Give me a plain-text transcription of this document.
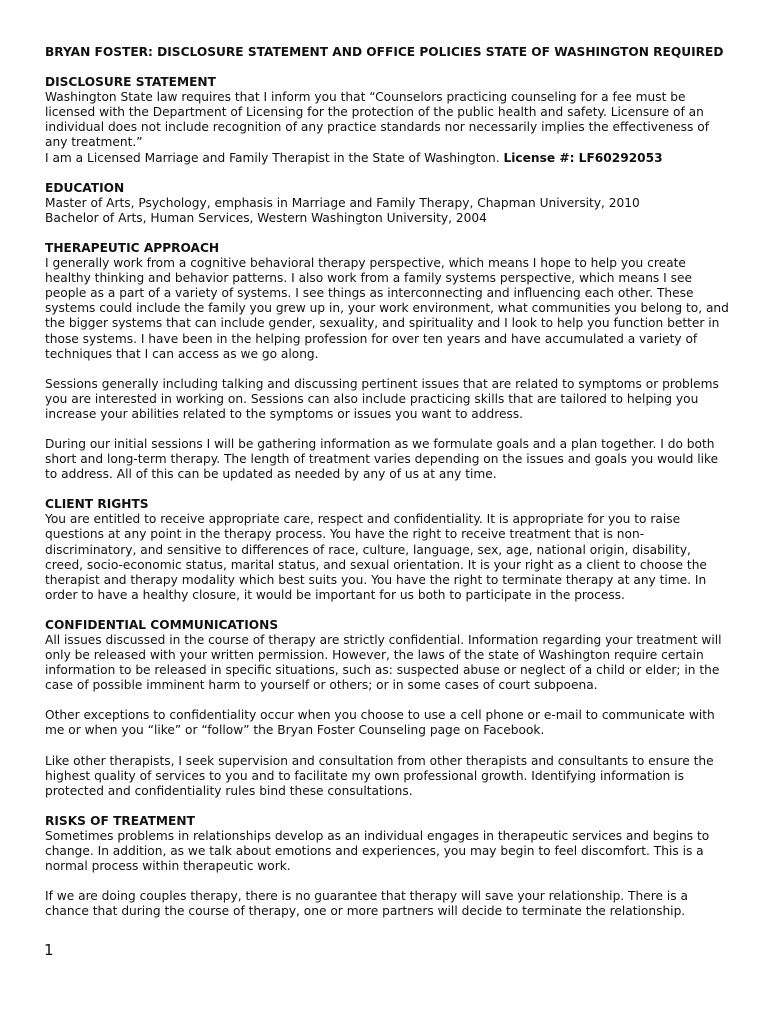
BRYAN FOSTER: DISCLOSURE STATEMENT AND OFFICE POLICIES STATE OF WASHINGTON REQUIRED

DISCLOSURE STATEMENT

Washington State law requires that I inform you that “Counselors practicing counseling for a fee must be licensed with the Department of Licensing for the protection of the public health and safety. Licensure of an individual does not include recognition of any practice standards nor necessarily implies the effectiveness of any treatment.”

I am a Licensed Marriage and Family Therapist in the State of Washington. License #: LF60292053

EDUCATION

Master of Arts, Psychology, emphasis in Marriage and Family Therapy, Chapman University, 2010

Bachelor of Arts, Human Services, Western Washington University, 2004

THERAPEUTIC APPROACH

I generally work from a cognitive behavioral therapy perspective, which means I hope to help you create healthy thinking and behavior patterns. I also work from a family systems perspective, which means I see people as a part of a variety of systems. I see things as interconnecting and influencing each other. These systems could include the family you grew up in, your work environment, what communities you belong to, and the bigger systems that can include gender, sexuality, and spirituality and I look to help you function better in those systems. I have been in the helping profession for over ten years and have accumulated a variety of techniques that I can access as we go along.

Sessions generally including talking and discussing pertinent issues that are related to symptoms or problems you are interested in working on. Sessions can also include practicing skills that are tailored to helping you increase your abilities related to the symptoms or issues you want to address.

During our initial sessions I will be gathering information as we formulate goals and a plan together. I do both short and long-term therapy. The length of treatment varies depending on the issues and goals you would like to address. All of this can be updated as needed by any of us at any time.

CLIENT RIGHTS

You are entitled to receive appropriate care, respect and confidentiality. It is appropriate for you to raise questions at any point in the therapy process. You have the right to receive treatment that is non-discriminatory, and sensitive to differences of race, culture, language, sex, age, national origin, disability, creed, socio-economic status, marital status, and sexual orientation. It is your right as a client to choose the therapist and therapy modality which best suits you. You have the right to terminate therapy at any time. In order to have a healthy closure, it would be important for us both to participate in the process.

CONFIDENTIAL COMMUNICATIONS

All issues discussed in the course of therapy are strictly confidential. Information regarding your treatment will only be released with your written permission. However, the laws of the state of Washington require certain information to be released in specific situations, such as: suspected abuse or neglect of a child or elder; in the case of possible imminent harm to yourself or others; or in some cases of court subpoena.

Other exceptions to confidentiality occur when you choose to use a cell phone or e-mail to communicate with me or when you “like” or “follow” the Bryan Foster Counseling page on Facebook.

Like other therapists, I seek supervision and consultation from other therapists and consultants to ensure the highest quality of services to you and to facilitate my own professional growth. Identifying information is protected and confidentiality rules bind these consultations.

RISKS OF TREATMENT

Sometimes problems in relationships develop as an individual engages in therapeutic services and begins to change. In addition, as we talk about emotions and experiences, you may begin to feel discomfort. This is a normal process within therapeutic work.

If we are doing couples therapy, there is no guarantee that therapy will save your relationship. There is a chance that during the course of therapy, one or more partners will decide to terminate the relationship.

1
